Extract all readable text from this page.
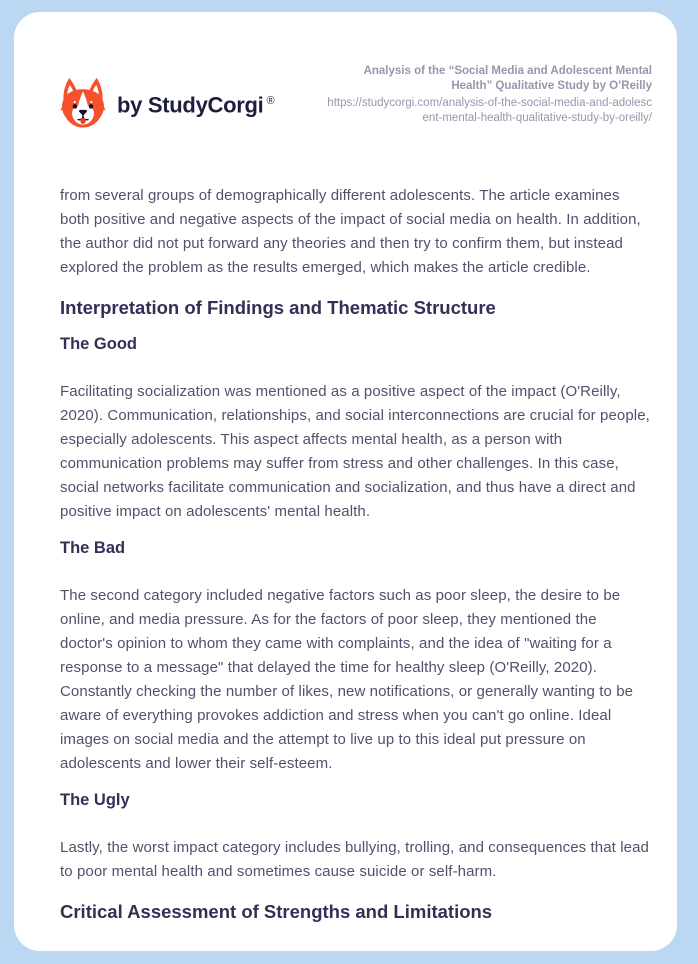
by StudyCorgi ®
Analysis of the “Social Media and Adolescent Mental Health” Qualitative Study by O’Reilly
https://studycorgi.com/analysis-of-the-social-media-and-adolescent-mental-health-qualitative-study-by-oreilly/

from several groups of demographically different adolescents. The article examines both positive and negative aspects of the impact of social media on health. In addition, the author did not put forward any theories and then try to confirm them, but instead explored the problem as the results emerged, which makes the article credible.

Interpretation of Findings and Thematic Structure
The Good

Facilitating socialization was mentioned as a positive aspect of the impact (O'Reilly, 2020). Communication, relationships, and social interconnections are crucial for people, especially adolescents. This aspect affects mental health, as a person with communication problems may suffer from stress and other challenges. In this case, social networks facilitate communication and socialization, and thus have a direct and positive impact on adolescents' mental health.

The Bad

The second category included negative factors such as poor sleep, the desire to be online, and media pressure. As for the factors of poor sleep, they mentioned the doctor's opinion to whom they came with complaints, and the idea of "waiting for a response to a message" that delayed the time for healthy sleep (O'Reilly, 2020). Constantly checking the number of likes, new notifications, or generally wanting to be aware of everything provokes addiction and stress when you can't go online. Ideal images on social media and the attempt to live up to this ideal put pressure on adolescents and lower their self-esteem.

The Ugly

Lastly, the worst impact category includes bullying, trolling, and consequences that lead to poor mental health and sometimes cause suicide or self-harm.

Critical Assessment of Strengths and Limitations
